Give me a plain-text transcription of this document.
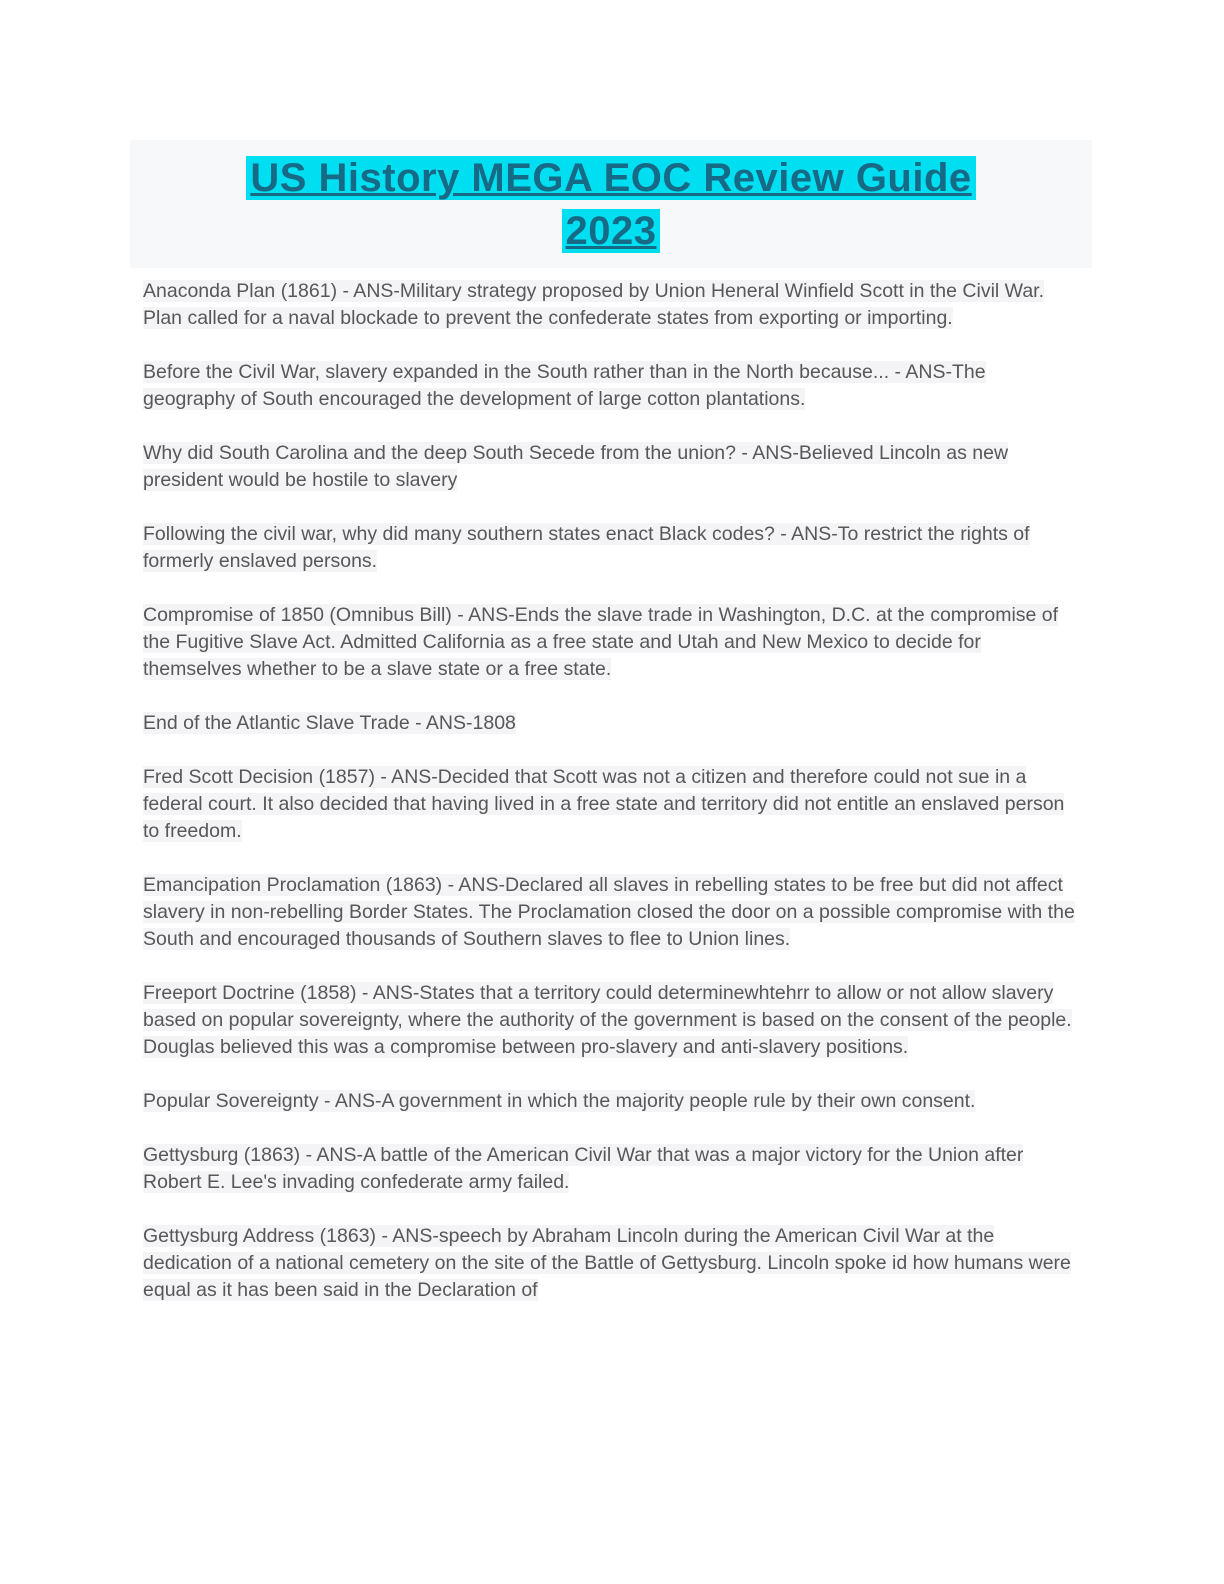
US History MEGA EOC Review Guide
2023

Anaconda Plan (1861) - ANS-Military strategy proposed by Union Heneral Winfield Scott in the Civil War. Plan called for a naval blockade to prevent the confederate states from exporting or importing.

Before the Civil War, slavery expanded in the South rather than in the North because... - ANS-The geography of South encouraged the development of large cotton plantations.

Why did South Carolina and the deep South Secede from the union? - ANS-Believed Lincoln as new president would be hostile to slavery

Following the civil war, why did many southern states enact Black codes? - ANS-To restrict the rights of formerly enslaved persons.

Compromise of 1850 (Omnibus Bill) - ANS-Ends the slave trade in Washington, D.C. at the compromise of the Fugitive Slave Act. Admitted California as a free state and Utah and New Mexico to decide for themselves whether to be a slave state or a free state.

End of the Atlantic Slave Trade - ANS-1808

Fred Scott Decision (1857) - ANS-Decided that Scott was not a citizen and therefore could not sue in a federal court. It also decided that having lived in a free state and territory did not entitle an enslaved person to freedom.

Emancipation Proclamation (1863) - ANS-Declared all slaves in rebelling states to be free but did not affect slavery in non-rebelling Border States. The Proclamation closed the door on a possible compromise with the South and encouraged thousands of Southern slaves to flee to Union lines.

Freeport Doctrine (1858) - ANS-States that a territory could determinewhtehrr to allow or not allow slavery based on popular sovereignty, where the authority of the government is based on the consent of the people. Douglas believed this was a compromise between pro-slavery and anti-slavery positions.

Popular Sovereignty - ANS-A government in which the majority people rule by their own consent.

Gettysburg (1863) - ANS-A battle of the American Civil War that was a major victory for the Union after Robert E. Lee's invading confederate army failed.

Gettysburg Address (1863) - ANS-speech by Abraham Lincoln during the American Civil War at the dedication of a national cemetery on the site of the Battle of Gettysburg. Lincoln spoke id how humans were equal as it has been said in the Declaration of
